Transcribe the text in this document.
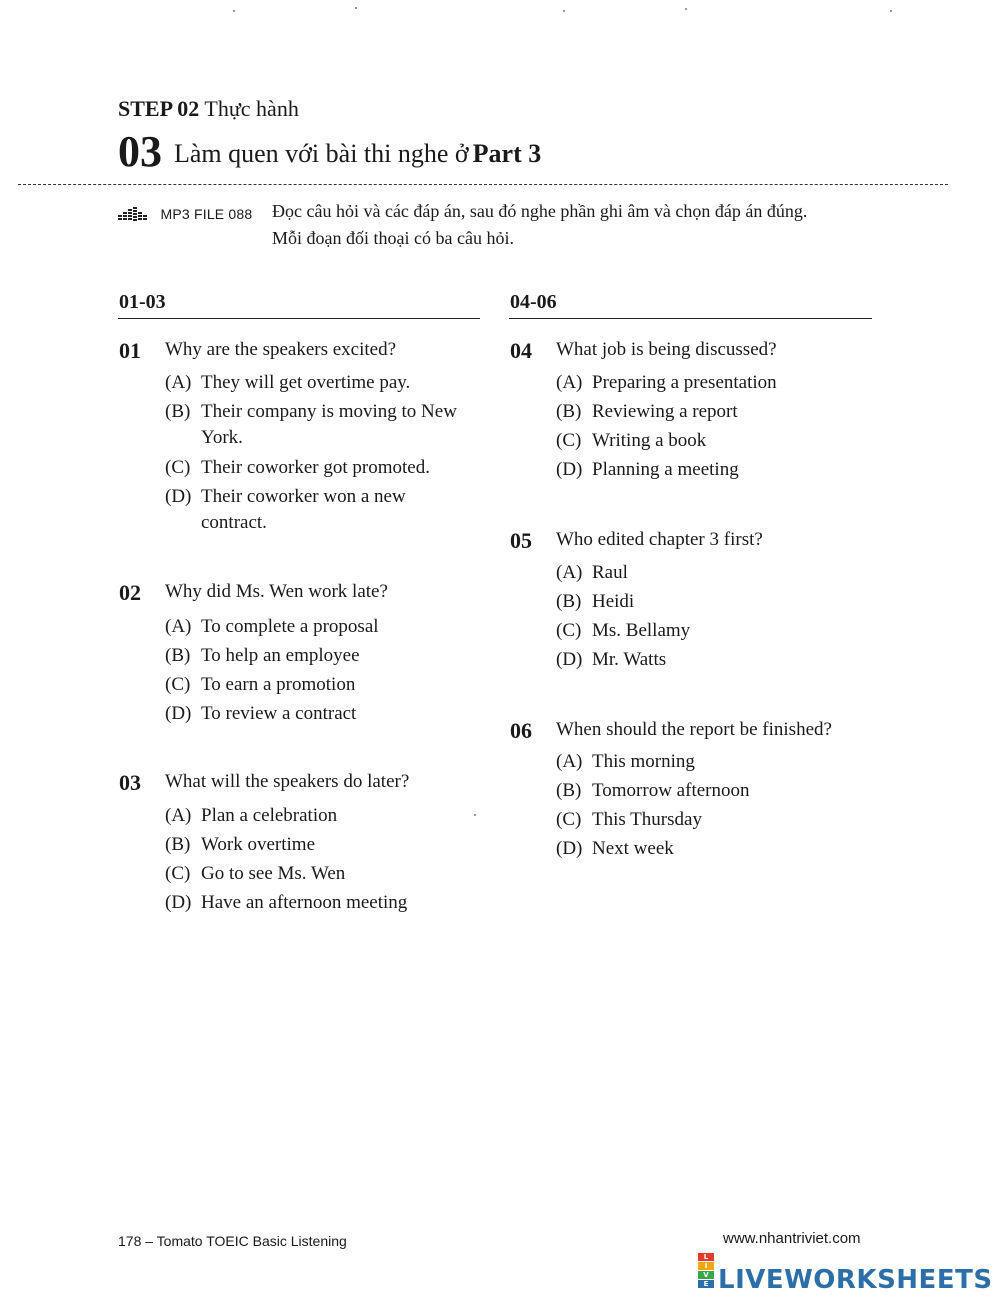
STEP 02 Thực hành
03 Làm quen với bài thi nghe ở Part 3
MP3 FILE 088 Đọc câu hỏi và các đáp án, sau đó nghe phần ghi âm và chọn đáp án đúng.
Mỗi đoạn đối thoại có ba câu hỏi.
01-03
01 Why are the speakers excited?
(A) They will get overtime pay.
(B) Their company is moving to New
York.
(C) Their coworker got promoted.
(D) Their coworker won a new
contract.
02 Why did Ms. Wen work late?
(A) To complete a proposal
(B) To help an employee
(C) To earn a promotion
(D) To review a contract
03 What will the speakers do later?
(A) Plan a celebration
(B) Work overtime
(C) Go to see Ms. Wen
(D) Have an afternoon meeting
04-06
04 What job is being discussed?
(A) Preparing a presentation
(B) Reviewing a report
(C) Writing a book
(D) Planning a meeting
05 Who edited chapter 3 first?
(A) Raul
(B) Heidi
(C) Ms. Bellamy
(D) Mr. Watts
06 When should the report be finished?
(A) This morning
(B) Tomorrow afternoon
(C) This Thursday
(D) Next week
178 – Tomato TOEIC Basic Listening	www.nhantriviet.com
L
I
V
E LIVEWORKSHEETS
